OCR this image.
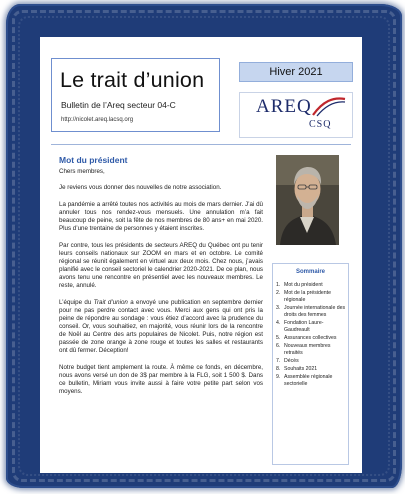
Le trait d’union
Bulletin de l’Areq secteur 04-C
http://nicolet.areq.lacsq.org
Hiver 2021
AREQ
CSQ
Mot du président

Chers membres,

Je reviens vous donner des nouvelles de notre association.

La pandémie a arrêté toutes nos activités au mois de mars dernier. J’ai dû annuler tous nos rendez-vous mensuels. Une annulation m’a fait beaucoup de peine, soit la fête de nos membres de 80 ans+ en mai 2020. Plus d’une trentaine de personnes y étaient inscrites.

Par contre, tous les présidents de secteurs AREQ du Québec ont pu tenir leurs conseils nationaux sur ZOOM en mars et en octobre. Le comité régional se réunit également en virtuel aux deux mois. Chez nous, j’avais planifié avec le conseil sectoriel le calendrier 2020-2021. De ce plan, nous avons tenu une rencontre en présentiel avec les nouveaux membres. Le reste, annulé.

L’équipe du Trait d’union a envoyé une publication en septembre dernier pour ne pas perdre contact avec vous. Merci aux gens qui ont pris la peine de répondre au sondage : vous étiez d’accord avec la prudence du conseil. Or, vous souhaitiez, en majorité, vous réunir lors de la rencontre de Noël au Centre des arts populaires de Nicolet. Puis, notre région est passée de zone orange à zone rouge et toutes les salles et restaurants ont dû fermer. Déception!

Notre budget tient amplement la route. À même ce fonds, en décembre, nous avons versé un don de 3$ par membre à la FLG, soit 1 500 $. Dans ce bulletin, Miriam vous invite aussi à faire votre petite part selon vos moyens.

Sommaire
1. Mot du président
2. Mot de la présidente régionale
3. Journée internationale des droits des femmes
4. Fondation Laure-Gaudreault
5. Assurances collectives
6. Nouveaux membres retraités
7. Décès
8. Souhaits 2021
9. Assemblée régionale sectorielle
